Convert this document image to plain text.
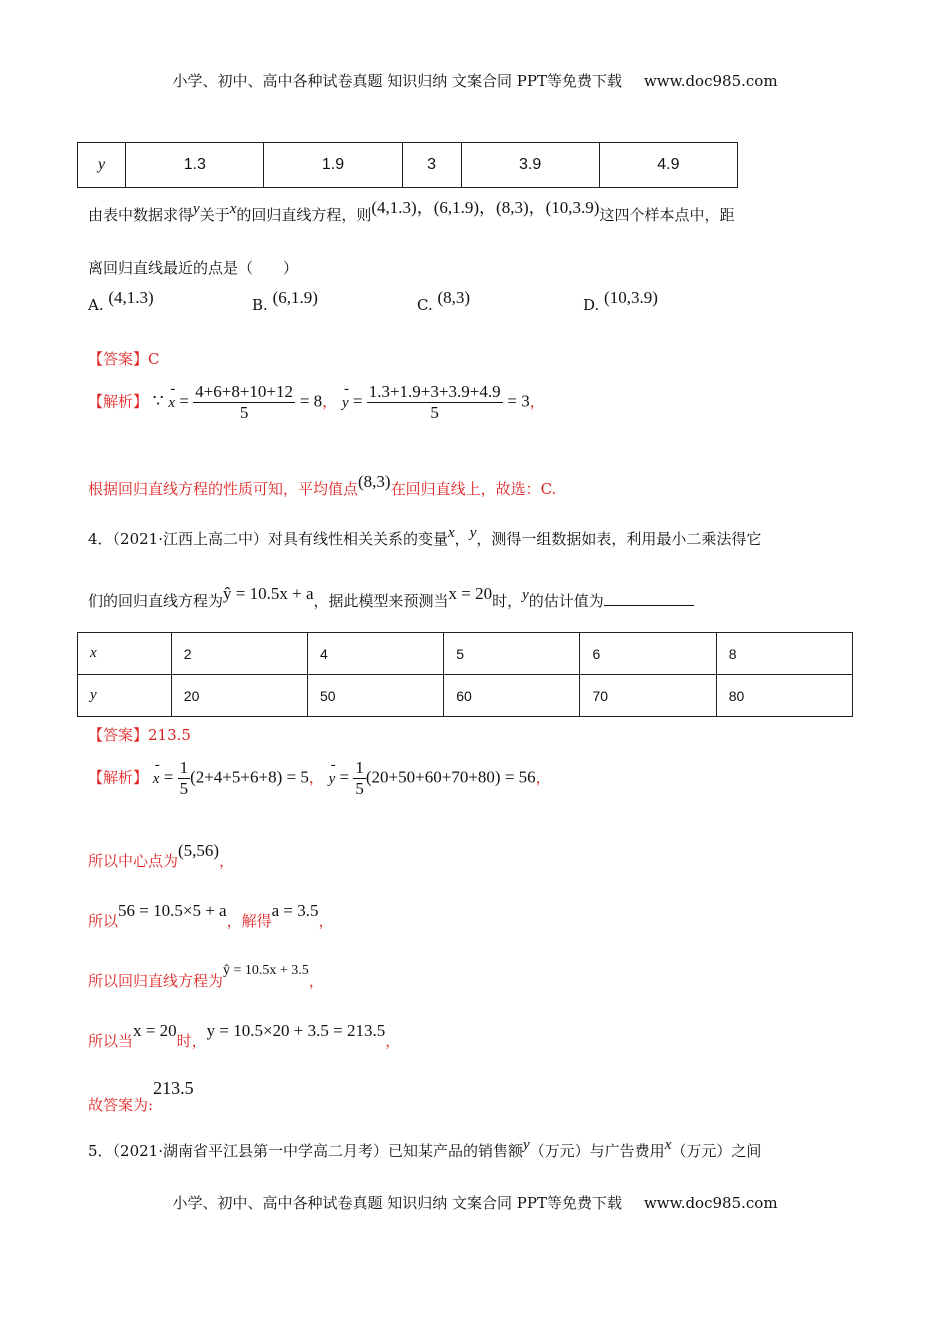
小学、初中、高中各种试卷真题 知识归纳 文案合同 PPT等免费下载 www.doc985.com
y	1.3	1.9	3	3.9	4.9
由表中数据求得y关于x的回归直线方程，则(4,1.3)，(6,1.9)，(8,3)，(10,3.9)这四个样本点中，距
离回归直线最近的点是（　　）
A. (4,1.3)	B. (6,1.9)	C. (8,3)	D. (10,3.9)
【答案】C
【解析】 ∵ - $x = \frac{4+6+8+10+12}{5} = 8$， - $y = \frac{1.3+1.9+3+3.9+4.9}{5} = 3$，
根据回归直线方程的性质可知，平均值点(8,3)在回归直线上，故选：C.
4．（2021·江西上高二中）对具有线性相关关系的变量x，y，测得一组数据如表，利用最小二乘法得它
们的回归直线方程为ŷ = 10.5x + a，据此模型来预测当x = 20时，y的估计值为
x	2	4	5	6	8
y	20	50	60	70	80
【答案】213.5
【解析】 - $x = \frac{1}{5} (2+4+5+6+8) = 5$， - $y = \frac{1}{5} (20+50+60+70+80) = 56$，
所以中心点为(5,56)，
所以56 = 10.5×5 + a，解得a = 3.5，
所以回归直线方程为ŷ = 10.5x + 3.5，
所以当x = 20时，y = 10.5×20 + 3.5 = 213.5，
故答案为:213.5
5．（2021·湖南省平江县第一中学高二月考）已知某产品的销售额y（万元）与广告费用x（万元）之间
小学、初中、高中各种试卷真题 知识归纳 文案合同 PPT等免费下载 www.doc985.com
